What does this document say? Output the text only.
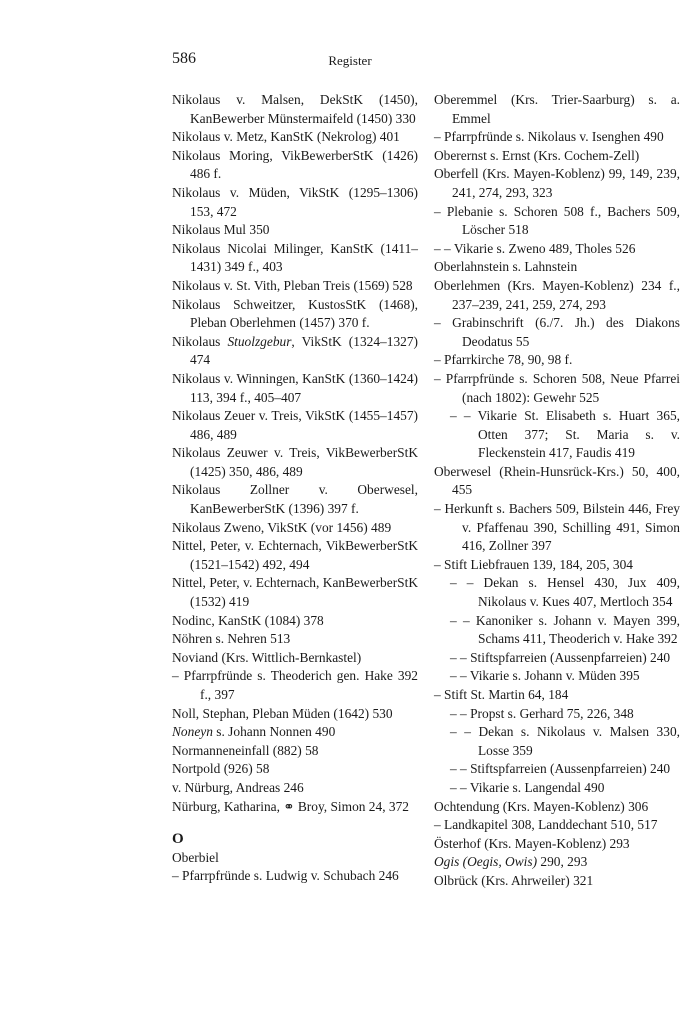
586	Register
Nikolaus v. Malsen, DekStK (1450), KanBewerber Münstermaifeld (1450) 330
Nikolaus v. Metz, KanStK (Nekrolog) 401
Nikolaus Moring, VikBewerberStK (1426) 486 f.
Nikolaus v. Müden, VikStK (1295–1306) 153, 472
Nikolaus Mul 350
Nikolaus Nicolai Milinger, KanStK (1411–1431) 349 f., 403
Nikolaus v. St. Vith, Pleban Treis (1569) 528
Nikolaus Schweitzer, KustosStK (1468), Pleban Oberlehmen (1457) 370 f.
Nikolaus Stuolzgebur, VikStK (1324–1327) 474
Nikolaus v. Winningen, KanStK (1360–1424) 113, 394 f., 405–407
Nikolaus Zeuer v. Treis, VikStK (1455–1457) 486, 489
Nikolaus Zeuwer v. Treis, VikBewerberStK (1425) 350, 486, 489
Nikolaus Zollner v. Oberwesel, KanBewerberStK (1396) 397 f.
Nikolaus Zweno, VikStK (vor 1456) 489
Nittel, Peter, v. Echternach, VikBewerberStK (1521–1542) 492, 494
Nittel, Peter, v. Echternach, KanBewerberStK (1532) 419
Nodinc, KanStK (1084) 378
Nöhren s. Nehren 513
Noviand (Krs. Wittlich-Bernkastel)
– Pfarrpfründe s. Theoderich gen. Hake 392 f., 397
Noll, Stephan, Pleban Müden (1642) 530
Noneyn s. Johann Nonnen 490
Normanneneinfall (882) 58
Nortpold (926) 58
v. Nürburg, Andreas 246
Nürburg, Katharina, ⚭ Broy, Simon 24, 372
O
Oberbiel
– Pfarrpfründe s. Ludwig v. Schubach 246
Oberemmel (Krs. Trier-Saarburg) s. a. Emmel
– Pfarrpfründe s. Nikolaus v. Isenghen 490
Oberernst s. Ernst (Krs. Cochem-Zell)
Oberfell (Krs. Mayen-Koblenz) 99, 149, 239, 241, 274, 293, 323
– Plebanie s. Schoren 508 f., Bachers 509, Löscher 518
– – Vikarie s. Zweno 489, Tholes 526
Oberlahnstein s. Lahnstein
Oberlehmen (Krs. Mayen-Koblenz) 234 f., 237–239, 241, 259, 274, 293
– Grabinschrift (6./7. Jh.) des Diakons Deodatus 55
– Pfarrkirche 78, 90, 98 f.
– Pfarrpfründe s. Schoren 508, Neue Pfarrei (nach 1802): Gewehr 525
– – Vikarie St. Elisabeth s. Huart 365, Otten 377; St. Maria s. v. Fleckenstein 417, Faudis 419
Oberwesel (Rhein-Hunsrück-Krs.) 50, 400, 455
– Herkunft s. Bachers 509, Bilstein 446, Frey v. Pfaffenau 390, Schilling 491, Simon 416, Zollner 397
– Stift Liebfrauen 139, 184, 205, 304
– – Dekan s. Hensel 430, Jux 409, Nikolaus v. Kues 407, Mertloch 354
– – Kanoniker s. Johann v. Mayen 399, Schams 411, Theoderich v. Hake 392
– – Stiftspfarreien (Aussenpfarreien) 240
– – Vikarie s. Johann v. Müden 395
– Stift St. Martin 64, 184
– – Propst s. Gerhard 75, 226, 348
– – Dekan s. Nikolaus v. Malsen 330, Losse 359
– – Stiftspfarreien (Aussenpfarreien) 240
– – Vikarie s. Langendal 490
Ochtendung (Krs. Mayen-Koblenz) 306
– Landkapitel 308, Landdechant 510, 517
Österhof (Krs. Mayen-Koblenz) 293
Ogis (Oegis, Owis) 290, 293
Olbrück (Krs. Ahrweiler) 321
